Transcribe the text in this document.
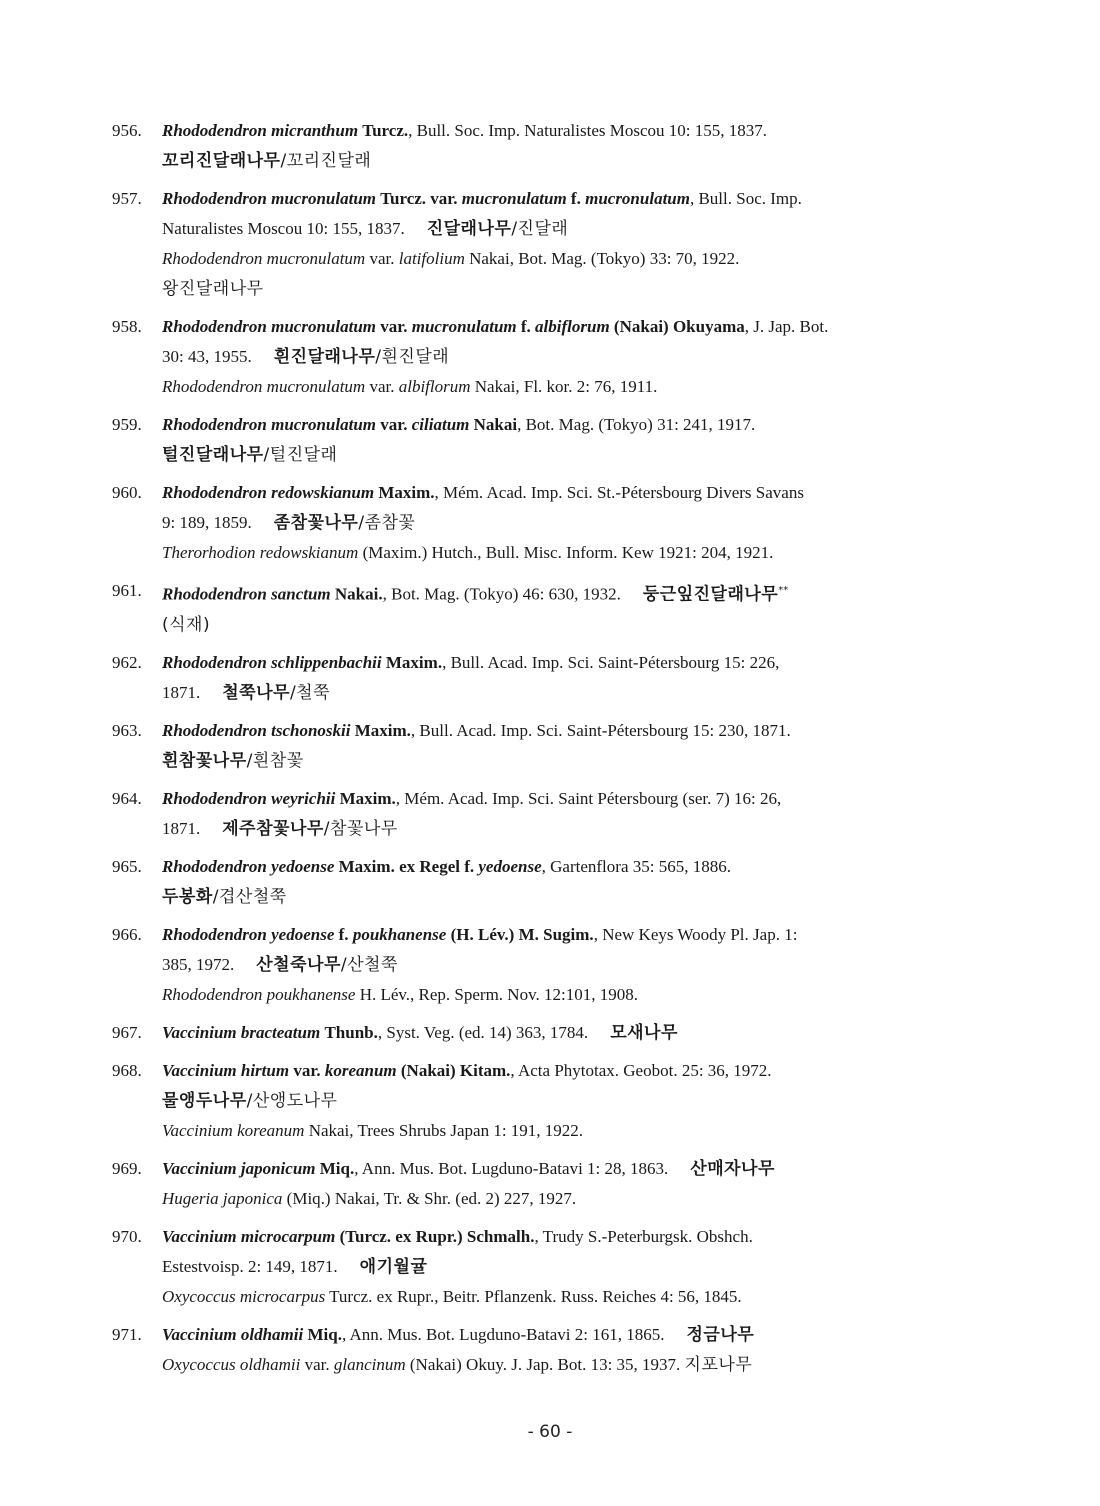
956.	Rhododendron micranthum Turcz., Bull. Soc. Imp. Naturalistes Moscou 10: 155, 1837.

꼬리진달래나무/꼬리진달래

957.	Rhododendron mucronulatum Turcz. var. mucronulatum f. mucronulatum, Bull. Soc. Imp.

Naturalistes Moscou 10: 155, 1837. 진달래나무/진달래

Rhododendron mucronulatum var. latifolium Nakai, Bot. Mag. (Tokyo) 33: 70, 1922.

왕진달래나무

958.	Rhododendron mucronulatum var. mucronulatum f. albiflorum (Nakai) Okuyama, J. Jap. Bot.

30: 43, 1955. 흰진달래나무/흰진달래

Rhododendron mucronulatum var. albiflorum Nakai, Fl. kor. 2: 76, 1911.

959.	Rhododendron mucronulatum var. ciliatum Nakai, Bot. Mag. (Tokyo) 31: 241, 1917.

털진달래나무/털진달래

960.	Rhododendron redowskianum Maxim., Mém. Acad. Imp. Sci. St.-Pétersbourg Divers Savans

9: 189, 1859. 좀참꽃나무/좀참꽃

Therorhodion redowskianum (Maxim.) Hutch., Bull. Misc. Inform. Kew 1921: 204, 1921.

961.	Rhododendron sanctum Nakai., Bot. Mag. (Tokyo) 46: 630, 1932. 둥근잎진달래나무**

(식재)

962.	Rhododendron schlippenbachii Maxim., Bull. Acad. Imp. Sci. Saint-Pétersbourg 15: 226,

1871. 철쭉나무/철쭉

963.	Rhododendron tschonoskii Maxim., Bull. Acad. Imp. Sci. Saint-Pétersbourg 15: 230, 1871.

흰참꽃나무/흰참꽃

964.	Rhododendron weyrichii Maxim., Mém. Acad. Imp. Sci. Saint Pétersbourg (ser. 7) 16: 26,

1871. 제주참꽃나무/참꽃나무

965.	Rhododendron yedoense Maxim. ex Regel f. yedoense, Gartenflora 35: 565, 1886.

두봉화/겹산철쭉

966.	Rhododendron yedoense f. poukhanense (H. Lév.) M. Sugim., New Keys Woody Pl. Jap. 1:

385, 1972. 산철죽나무/산철쭉

Rhododendron poukhanense H. Lév., Rep. Sperm. Nov. 12:101, 1908.

967.	Vaccinium bracteatum Thunb., Syst. Veg. (ed. 14) 363, 1784. 모새나무

968.	Vaccinium hirtum var. koreanum (Nakai) Kitam., Acta Phytotax. Geobot. 25: 36, 1972.

물앵두나무/산앵도나무

Vaccinium koreanum Nakai, Trees Shrubs Japan 1: 191, 1922.

969.	Vaccinium japonicum Miq., Ann. Mus. Bot. Lugduno-Batavi 1: 28, 1863. 산매자나무

Hugeria japonica (Miq.) Nakai, Tr. & Shr. (ed. 2) 227, 1927.

970.	Vaccinium microcarpum (Turcz. ex Rupr.) Schmalh., Trudy S.-Peterburgsk. Obshch.

Estestvoisp. 2: 149, 1871. 애기월귤

Oxycoccus microcarpus Turcz. ex Rupr., Beitr. Pflanzenk. Russ. Reiches 4: 56, 1845.

971.	Vaccinium oldhamii Miq., Ann. Mus. Bot. Lugduno-Batavi 2: 161, 1865. 정금나무

Oxycoccus oldhamii var. glancinum (Nakai) Okuy. J. Jap. Bot. 13: 35, 1937. 지포나무

- 60 -
